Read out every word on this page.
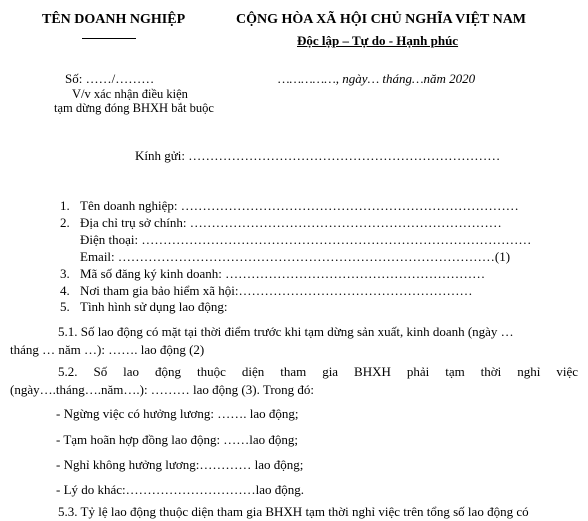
TÊN DOANH NGHIỆP	CỘNG HÒA XÃ HỘI CHỦ NGHĨA VIỆT NAM
Độc lập – Tự do - Hạnh phúc
Số: ……/………
V/v xác nhận điều kiện
tạm dừng đóng BHXH bắt buộc
……………, ngày… tháng…năm 2020
Kính gửi: ………………………………………………………………
1. Tên doanh nghiệp: ……………………………………………………………………
2. Địa chỉ trụ sở chính: ………………………………………………………………
Điện thoại: ………………………………………………………………………………
Email: ……………………………………………………………………………(1)
3. Mã số đăng ký kinh doanh: ……………………………………………………
4. Nơi tham gia bảo hiểm xã hội:………………………………………………
5. Tình hình sử dụng lao động:
5.1. Số lao động có mặt tại thời điểm trước khi tạm dừng sản xuất, kinh doanh (ngày …
tháng … năm …): ……. lao động (2)
5.2. Số lao động thuộc diện tham gia BHXH phải tạm thời nghỉ việc
(ngày….tháng….năm….): ……… lao động (3). Trong đó:
- Ngừng việc có hưởng lương: ……. lao động;
- Tạm hoãn hợp đồng lao động: ……lao động;
- Nghỉ không hưởng lương:………… lao động;
- Lý do khác:…………………………lao động.
5.3. Tỷ lệ lao động thuộc diện tham gia BHXH tạm thời nghỉ việc trên tổng số lao động có
